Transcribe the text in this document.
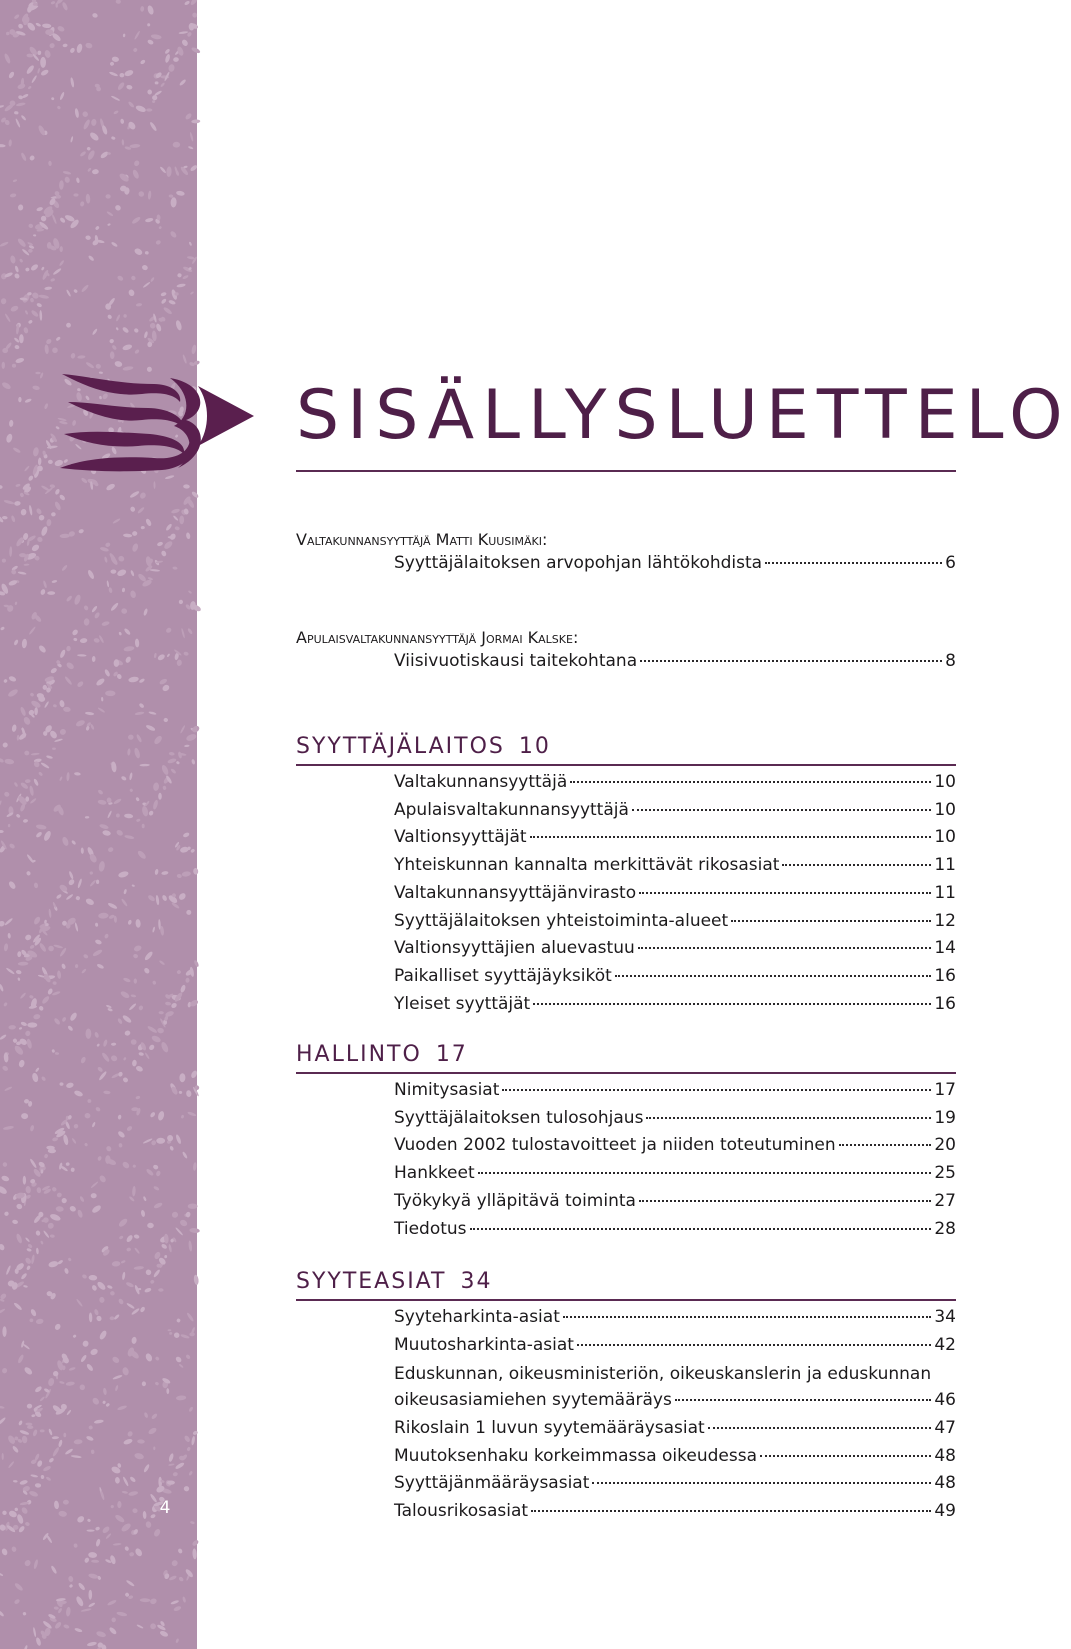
4
SISÄLLYSLUETTELO
Valtakunnansyyttäjä Matti Kuusimäki:
Syyttäjälaitoksen arvopohjan lähtökohdista	6
Apulaisvaltakunnansyyttäjä Jormai Kalske:
Viisivuotiskausi taitekohtana	8
SYYTTÄJÄLAITOS 10
Valtakunnansyyttäjä	10
Apulaisvaltakunnansyyttäjä	10
Valtionsyyttäjät	10
Yhteiskunnan kannalta merkittävät rikosasiat	11
Valtakunnansyyttäjänvirasto	11
Syyttäjälaitoksen yhteistoiminta-alueet	12
Valtionsyyttäjien aluevastuu	14
Paikalliset syyttäjäyksiköt	16
Yleiset syyttäjät	16
HALLINTO 17
Nimitysasiat	17
Syyttäjälaitoksen tulosohjaus	19
Vuoden 2002 tulostavoitteet ja niiden toteutuminen	20
Hankkeet	25
Työkykyä ylläpitävä toiminta	27
Tiedotus	28
SYYTEASIAT 34
Syyteharkinta-asiat	34
Muutosharkinta-asiat	42
Eduskunnan, oikeusministeriön, oikeuskanslerin ja eduskunnan
oikeusasiamiehen syytemääräys	46
Rikoslain 1 luvun syytemääräysasiat	47
Muutoksenhaku korkeimmassa oikeudessa	48
Syyttäjänmääräysasiat	48
Talousrikosasiat	49
